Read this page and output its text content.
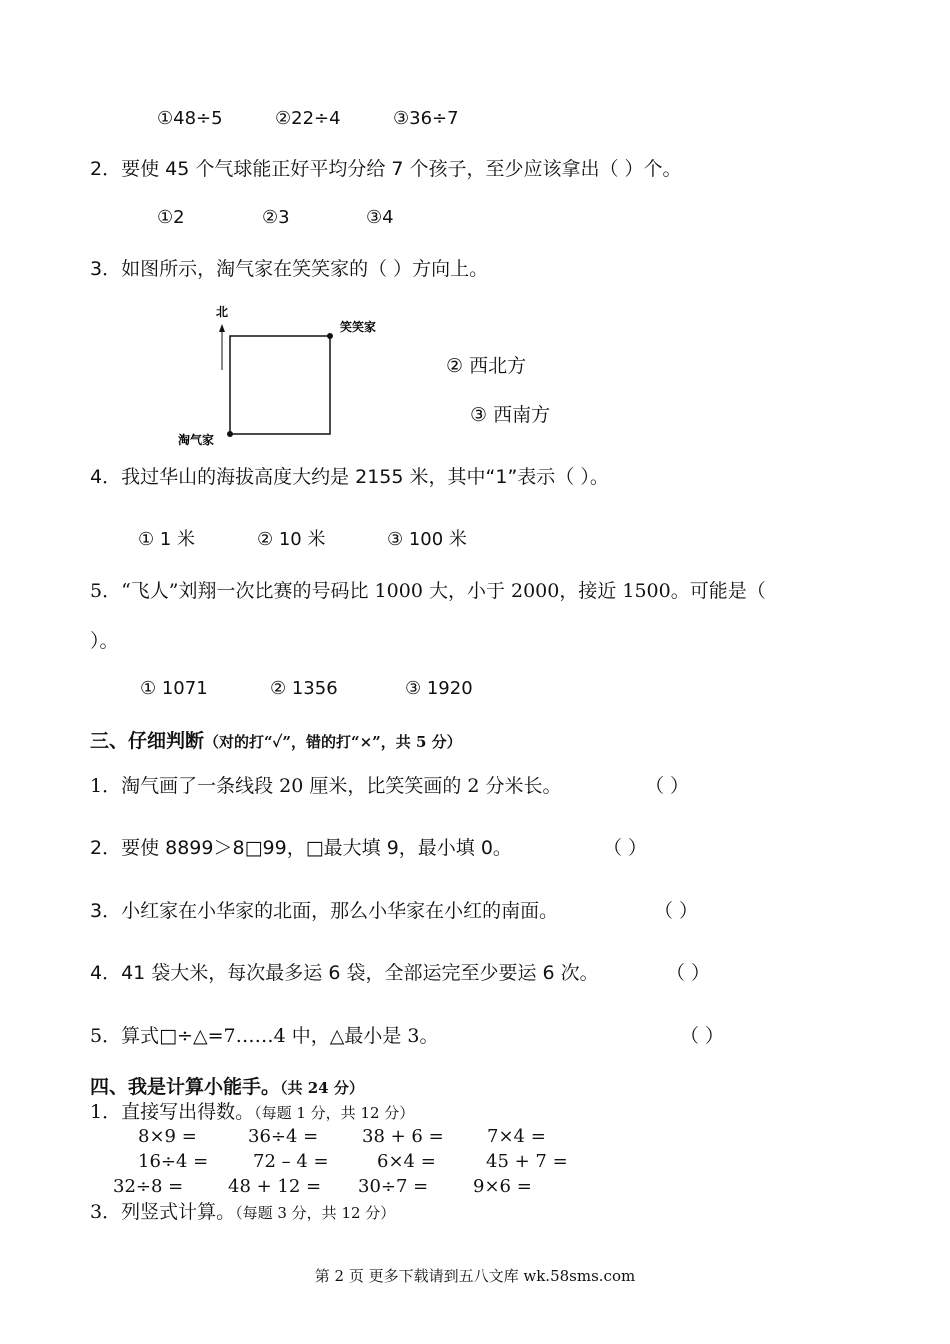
①48÷5	②22÷4	③36÷7
2．要使 45 个气球能正好平均分给 7 个孩子，至少应该拿出（ ）个。
①2	②3	③4
3．如图所示，淘气家在笑笑家的（ ）方向上。
北
笑笑家
淘气家
② 西北方
③ 西南方
4．我过华山的海拔高度大约是 2155 米，其中“1”表示（ ）。
① 1 米	② 10 米	③ 100 米
5．“飞人”刘翔一次比赛的号码比 1000 大，小于 2000，接近 1500。可能是（
）。
① 1071	② 1356	③ 1920
三、仔细判断（对的打“✓”，错的打“×”，共 5 分）
1．淘气画了一条线段 20 厘米，比笑笑画的 2 分米长。	（ ）
2．要使 8899＞8□99，□最大填 9，最小填 0。	（ ）
3．小红家在小华家的北面，那么小华家在小红的南面。	（ ）
4．41 袋大米，每次最多运 6 袋，全部运完至少要运 6 次。	（ ）
5．算式□÷△=7……4 中，△最小是 3。	（ ）
四、我是计算小能手。（共 24 分）
1．直接写出得数。（每题 1 分，共 12 分）
8×9 =	36÷4 = 38 + 6 = 7×4 =
16÷4 = 72 – 4 =	6×4 =	45 + 7 =
32÷8 = 48 + 12 = 30÷7 = 9×6 =
3．列竖式计算。（每题 3 分，共 12 分）
第 2 页 更多下载请到五八文库 wk.58sms.com
